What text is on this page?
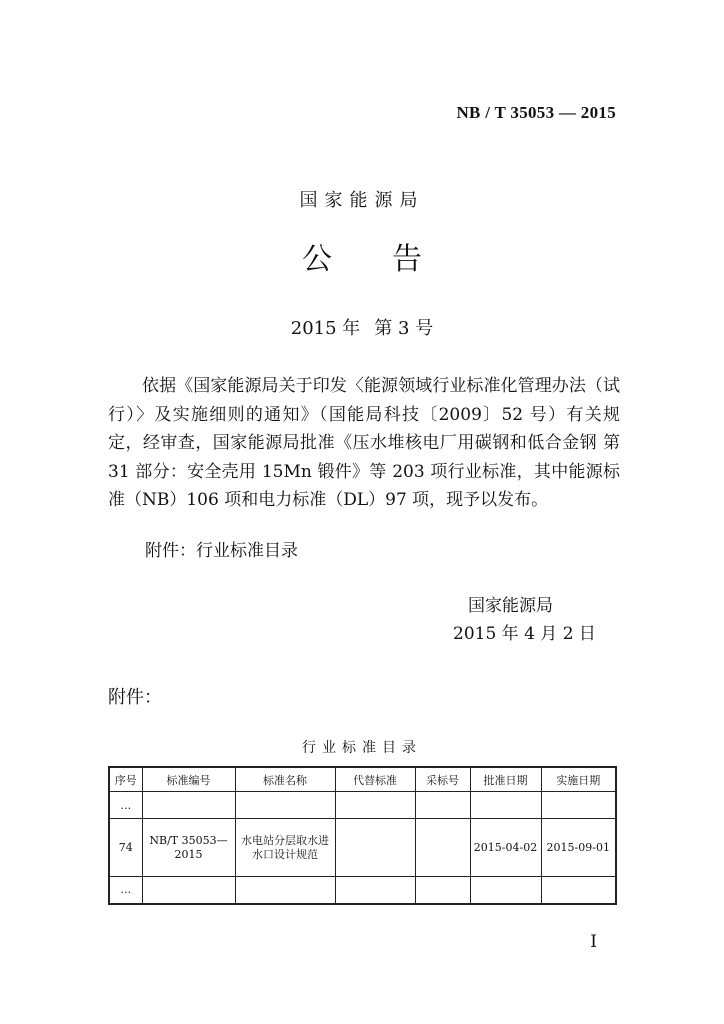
NB / T 35053 — 2015
国家能源局
公 告
2015 年 第 3 号
依据《国家能源局关于印发〈能源领域行业标准化管理办法（试行）〉及实施细则的通知》（国能局科技〔2009〕52 号）有关规定，经审查，国家能源局批准《压水堆核电厂用碳钢和低合金钢 第 31 部分：安全壳用 15Mn 锻件》等 203 项行业标准，其中能源标准（NB）106 项和电力标准（DL）97 项，现予以发布。
附件：行业标准目录
国家能源局
2015 年 4 月 2 日
附件：
行业标准目录
序号	标准编号	标准名称	代替标准	采标号	批准日期	实施日期
…						
74	NB/T 35053—2015	水电站分层取水进水口设计规范			2015-04-02	2015-09-01
…						
I
